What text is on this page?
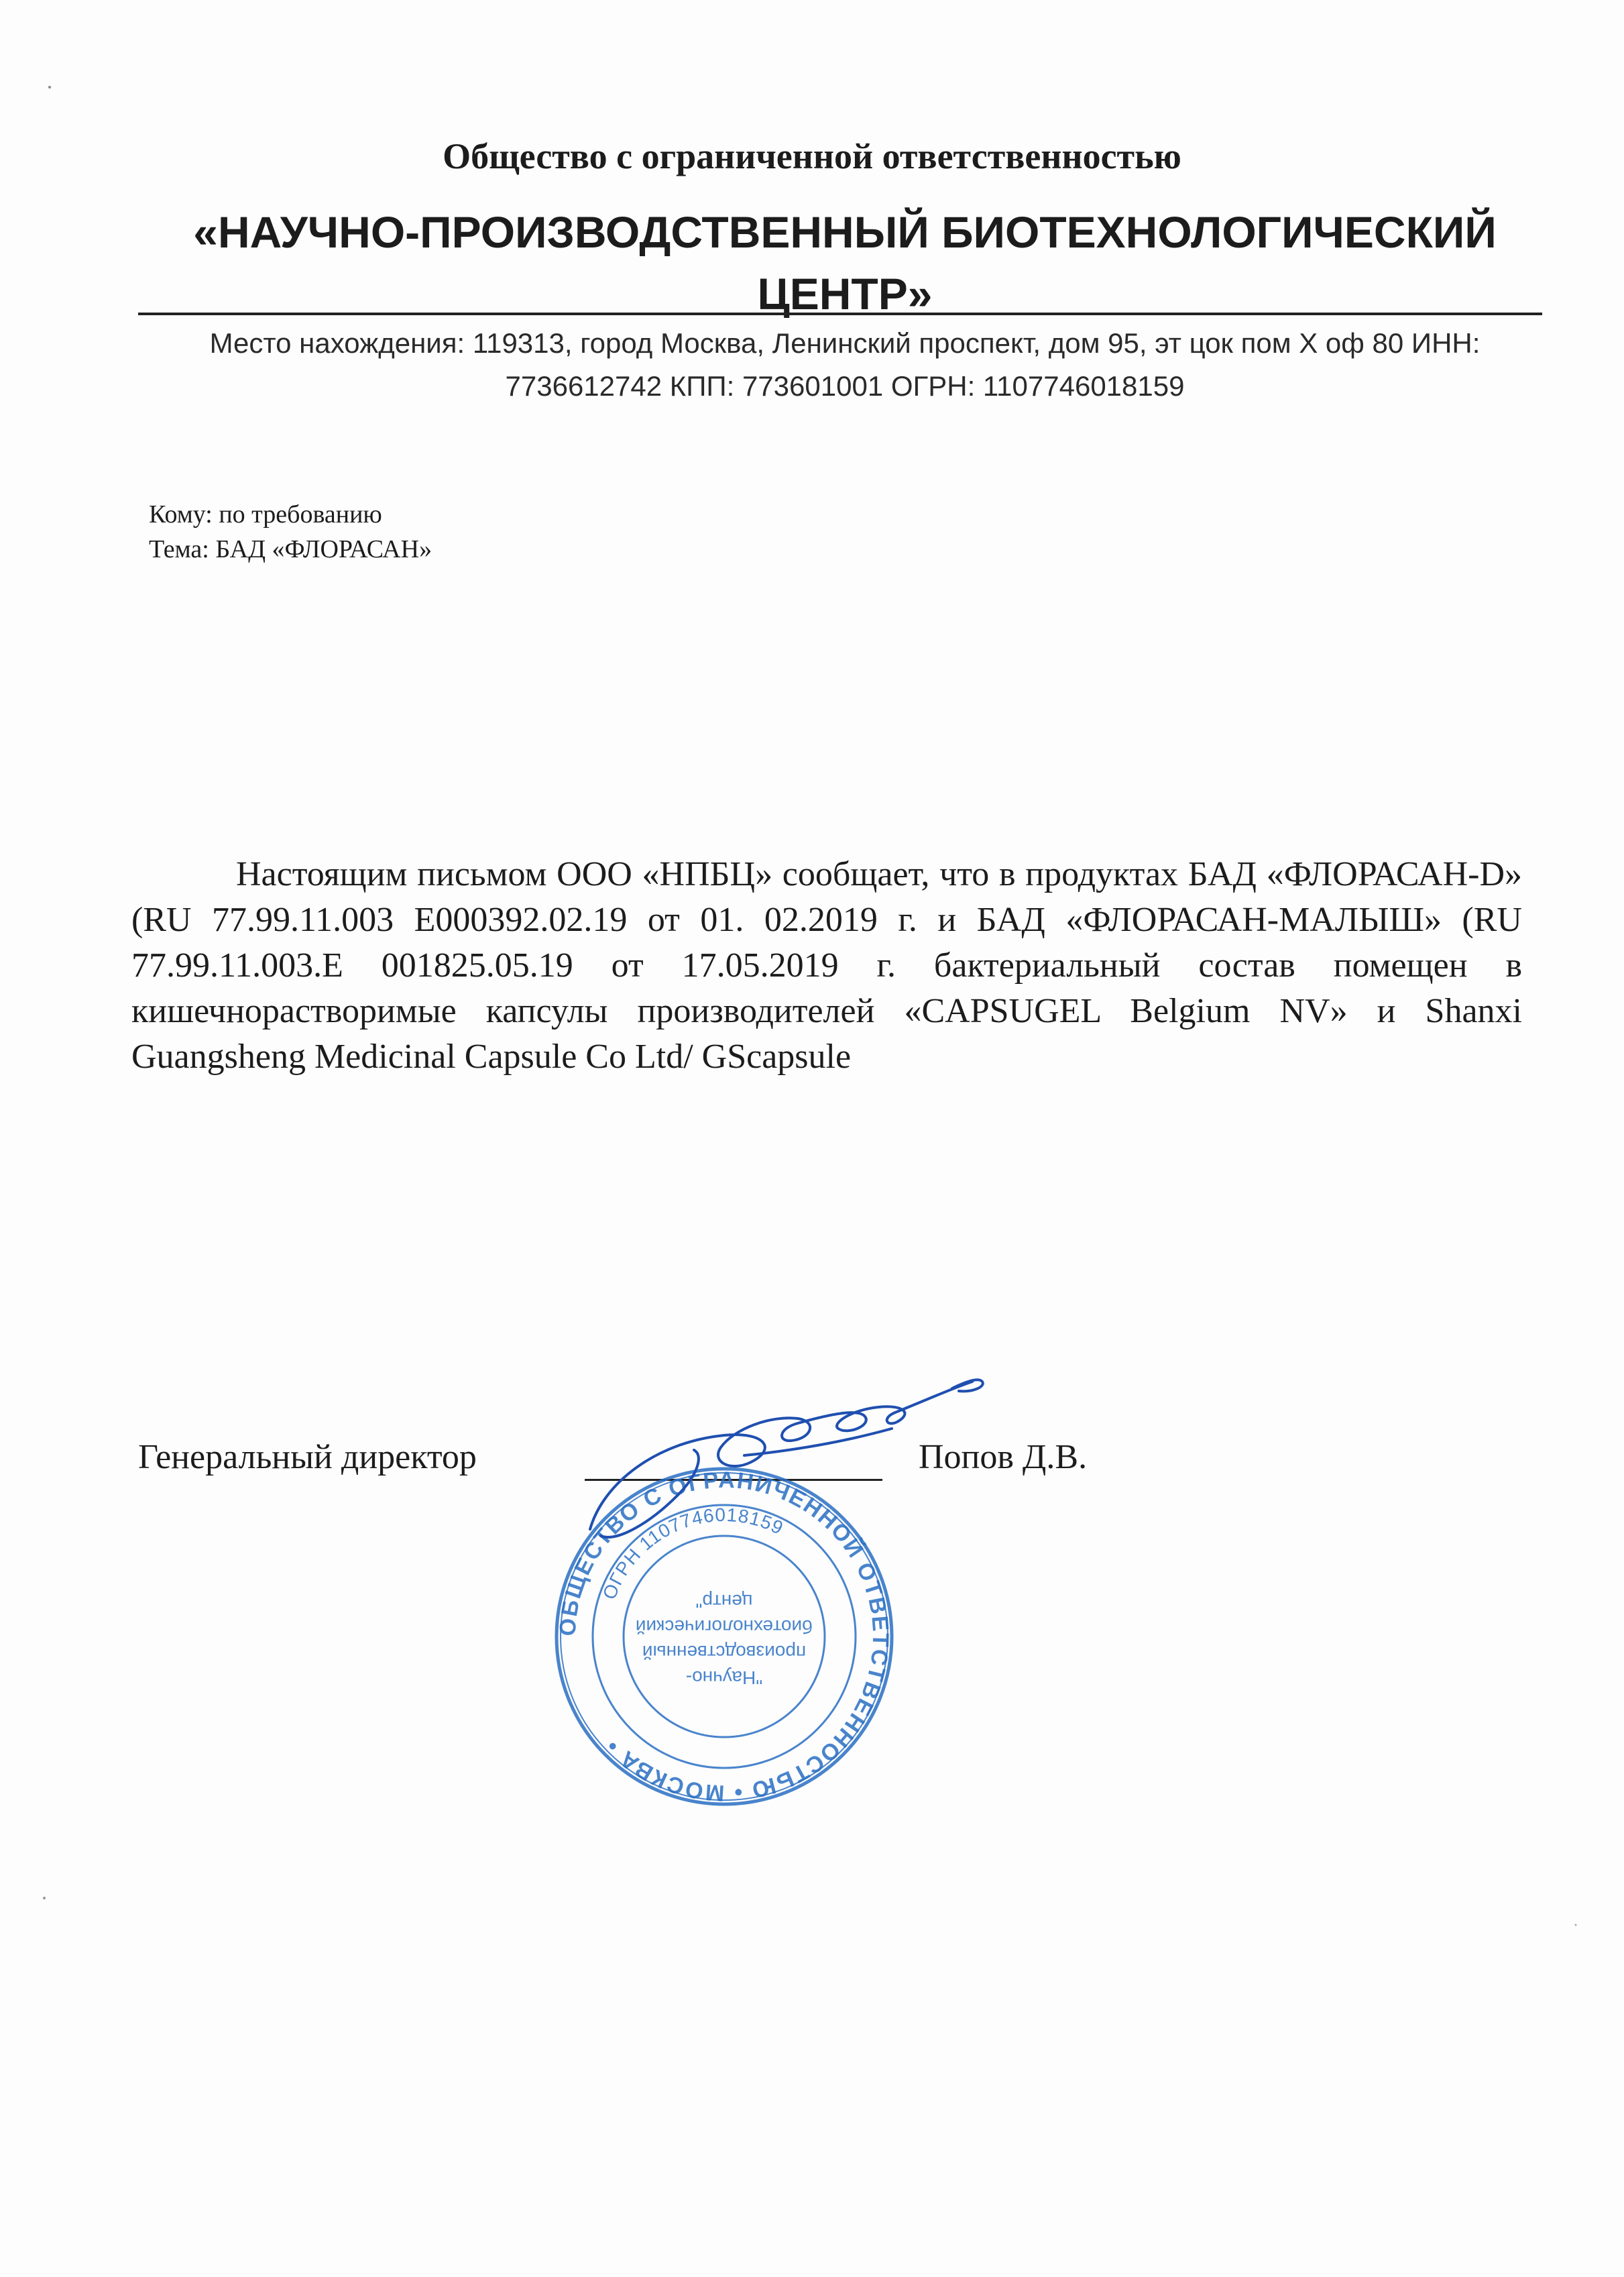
Общество с ограниченной ответственностью
«НАУЧНО-ПРОИЗВОДСТВЕННЫЙ БИОТЕХНОЛОГИЧЕСКИЙ ЦЕНТР»
Место нахождения: 119313, город Москва, Ленинский проспект, дом 95, эт цок пом Х оф 80 ИНН: 7736612742 КПП: 773601001 ОГРН: 1107746018159
Кому: по требованию
Тема: БАД «ФЛОРАСАН»

Настоящим письмом ООО «НПБЦ» сообщает, что в продуктах БАД «ФЛОРАСАН-D» (RU 77.99.11.003 Е000392.02.19 от 01. 02.2019 г. и БАД «ФЛОРАСАН-МАЛЫШ» (RU 77.99.11.003.Е 001825.05.19 от 17.05.2019 г. бактериальный состав помещен в кишечнорастворимые капсулы производителей «CAPSUGEL Belgium NV» и Shanxi Guangsheng Medicinal Capsule Co Ltd/ GScapsule

Генеральный директор	Попов Д.В.
ОБЩЕСТВО С ОГРАНИЧЕННОЙ ОТВЕТСТВЕННОСТЬЮ • МОСКВА •
ОГРН 1107746018159
"Научно-
производственный
биотехнологический
центр"
